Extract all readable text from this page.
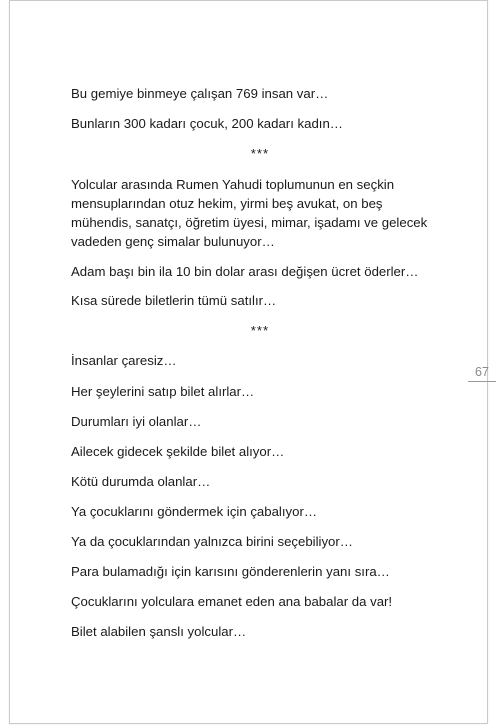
Bu gemiye binmeye çalışan 769 insan var…
Bunların 300 kadarı çocuk, 200 kadarı kadın…
***
Yolcular arasında Rumen Yahudi toplumunun en seçkin
mensuplarından otuz hekim, yirmi beş avukat, on beş
mühendis, sanatçı, öğretim üyesi, mimar, işadamı ve gelecek
vadeden genç simalar bulunuyor…
Adam başı bin ila 10 bin dolar arası değişen ücret öderler…
Kısa sürede biletlerin tümü satılır…
***
İnsanlar çaresiz…
Her şeylerini satıp bilet alırlar…
Durumları iyi olanlar…
Ailecek gidecek şekilde bilet alıyor…
Kötü durumda olanlar…
Ya çocuklarını göndermek için çabalıyor…
Ya da çocuklarından yalnızca birini seçebiliyor…
Para bulamadığı için karısını gönderenlerin yanı sıra…
Çocuklarını yolculara emanet eden ana babalar da var!
Bilet alabilen şanslı yolcular…
67
